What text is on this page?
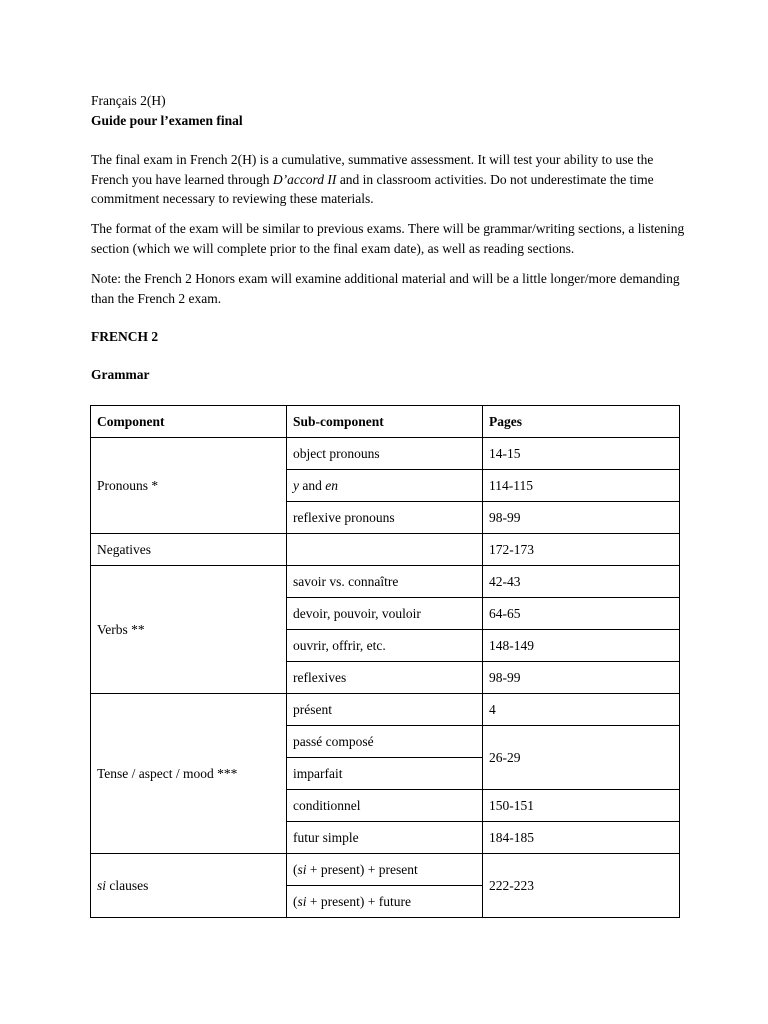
Français 2(H)
Guide pour l’examen final

The final exam in French 2(H) is a cumulative, summative assessment. It will test your ability to use the French you have learned through D’accord II and in classroom activities. Do not underestimate the time commitment necessary to reviewing these materials.

The format of the exam will be similar to previous exams. There will be grammar/writing sections, a listening section (which we will complete prior to the final exam date), as well as reading sections.

Note: the French 2 Honors exam will examine additional material and will be a little longer/more demanding than the French 2 exam.

FRENCH 2
Grammar
Component	Sub-component	Pages
Pronouns *	object pronouns	14-15
	y and en	114-115
	reflexive pronouns	98-99
Negatives		172-173
Verbs **	savoir vs. connaître	42-43
	devoir, pouvoir, vouloir	64-65
	ouvrir, offrir, etc.	148-149
	reflexives	98-99
Tense / aspect / mood ***	présent	4
	passé composé	26-29
	imparfait	
	conditionnel	150-151
	futur simple	184-185
si clauses	(si + present) + present	222-223
	(si + present) + future	
